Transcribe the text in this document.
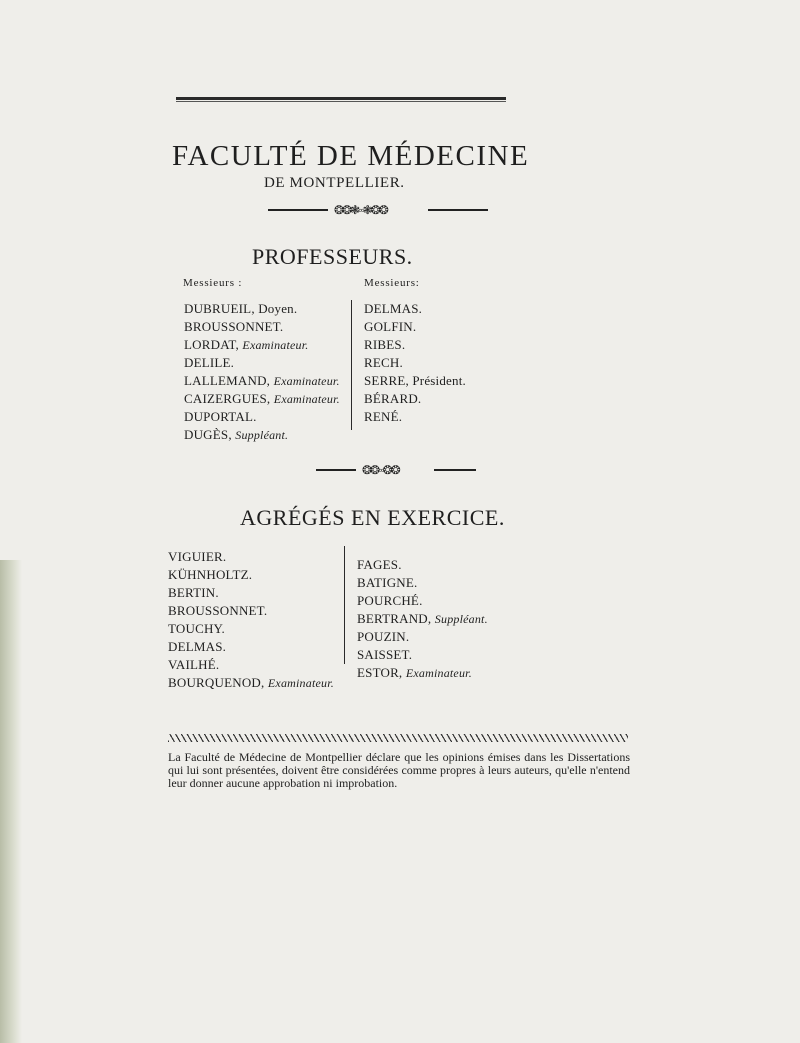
FACULTÉ DE MÉDECINE
DE MONTPELLIER.
❂❂❃◦◦❃❂❂
PROFESSEURS.
Messieurs :	Messieurs:
DUBRUEIL, Doyen.
BROUSSONNET.
LORDAT, Examinateur.
DELILE.
LALLEMAND, Examinateur.
CAIZERGUES, Examinateur.
DUPORTAL.
DUGÈS, Suppléant.
DELMAS.
GOLFIN.
RIBES.
RECH.
SERRE, Président.
BÉRARD.
RENÉ.
❂❂◦◦❂❂
AGRÉGÉS EN EXERCICE.
VIGUIER.
KÜHNHOLTZ.
BERTIN.
BROUSSONNET.
TOUCHY.
DELMAS.
VAILHÉ.
BOURQUENOD, Examinateur.
FAGES.
BATIGNE.
POURCHÉ.
BERTRAND, Suppléant.
POUZIN.
SAISSET.
ESTOR, Examinateur.

La Faculté de Médecine de Montpellier déclare que les opinions émises dans les Dissertations qui lui sont présentées, doivent être considérées comme propres à leurs auteurs, qu'elle n'entend leur donner aucune approbation ni improbation.
